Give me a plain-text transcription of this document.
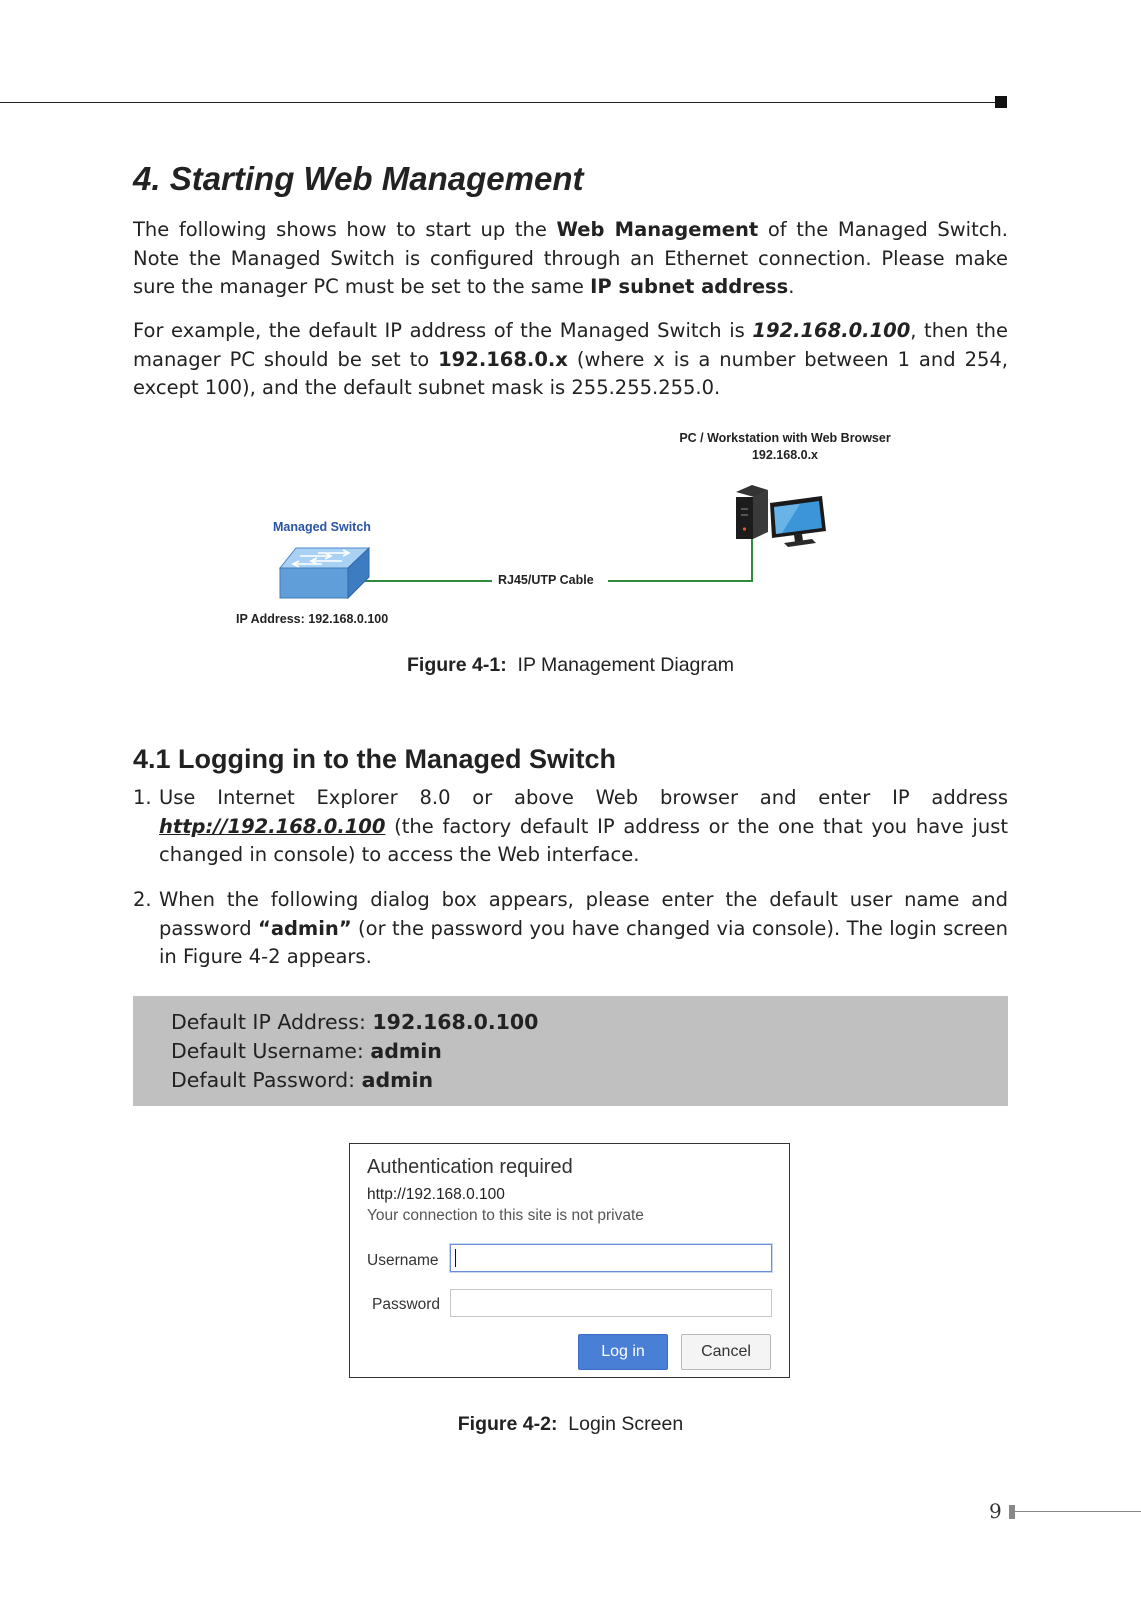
4. Starting Web Management

The following shows how to start up the Web Management of the Managed Switch. Note the Managed Switch is configured through an Ethernet connection. Please make sure the manager PC must be set to the same IP subnet address.

For example, the default IP address of the Managed Switch is 192.168.0.100, then the manager PC should be set to 192.168.0.x (where x is a number between 1 and 254, except 100), and the default subnet mask is 255.255.255.0.

PC / Workstation with Web Browser
192.168.0.x
Managed Switch
RJ45/UTP Cable
IP Address: 192.168.0.100
Figure 4-1: IP Management Diagram
4.1 Logging in to the Managed Switch
1. Use Internet Explorer 8.0 or above Web browser and enter IP address http://192.168.0.100 (the factory default IP address or the one that you have just changed in console) to access the Web interface.
2. When the following dialog box appears, please enter the default user name and password “admin” (or the password you have changed via console). The login screen in Figure 4-2 appears.
Default IP Address: 192.168.0.100
Default Username: admin
Default Password: admin
Authentication required
http://192.168.0.100
Your connection to this site is not private
Username
Password
Log in	Cancel
Figure 4-2: Login Screen
9
